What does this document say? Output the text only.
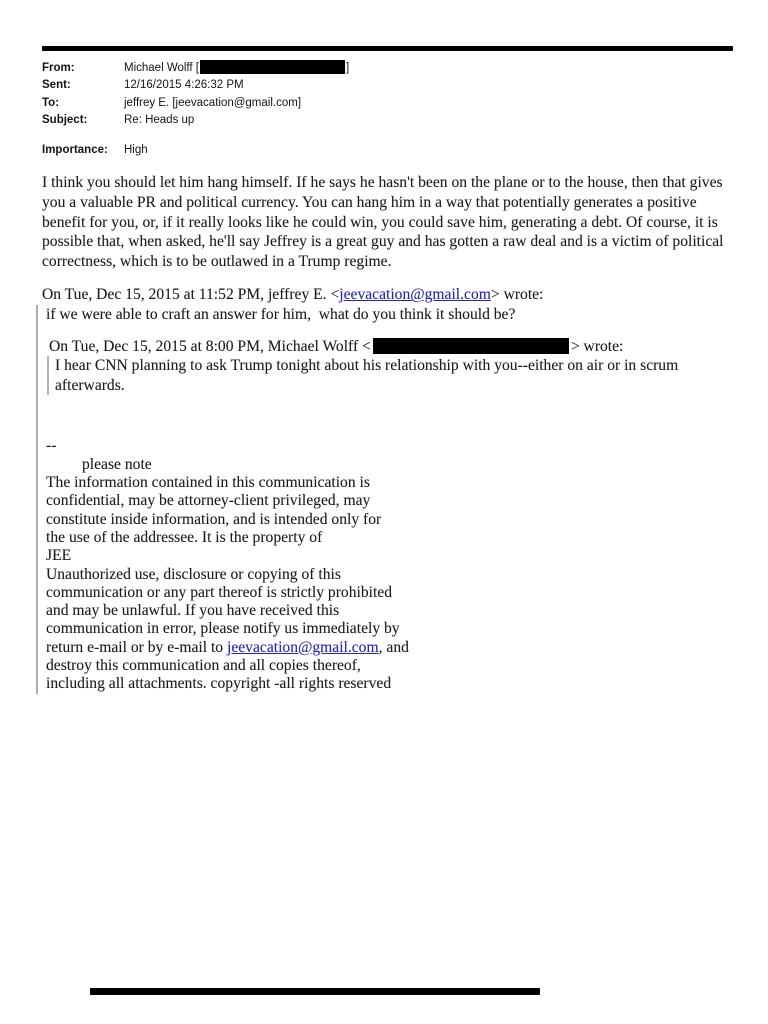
From:	Michael Wolff [	]
Sent:	12/16/2015 4:26:32 PM
To:	jeffrey E. [jeevacation@gmail.com]
Subject:	Re: Heads up
Importance:	High

I think you should let him hang himself. If he says he hasn't been on the plane or to the house, then that gives you a valuable PR and political currency. You can hang him in a way that potentially generates a positive benefit for you, or, if it really looks like he could win, you could save him, generating a debt. Of course, it is possible that, when asked, he'll say Jeffrey is a great guy and has gotten a raw deal and is a victim of political correctness, which is to be outlawed in a Trump regime.

On Tue, Dec 15, 2015 at 11:52 PM, jeffrey E. <jeevacation@gmail.com> wrote:
if we were able to craft an answer for him,  what do you think it should be?
On Tue, Dec 15, 2015 at 8:00 PM, Michael Wolff <	> wrote:
I hear CNN planning to ask Trump tonight about his relationship with you--either on air or in scrum afterwards.
--
please note
The information contained in this communication is
confidential, may be attorney-client privileged, may
constitute inside information, and is intended only for
the use of the addressee. It is the property of
JEE
Unauthorized use, disclosure or copying of this
communication or any part thereof is strictly prohibited
and may be unlawful. If you have received this
communication in error, please notify us immediately by
return e-mail or by e-mail to jeevacation@gmail.com, and
destroy this communication and all copies thereof,
including all attachments. copyright -all rights reserved
